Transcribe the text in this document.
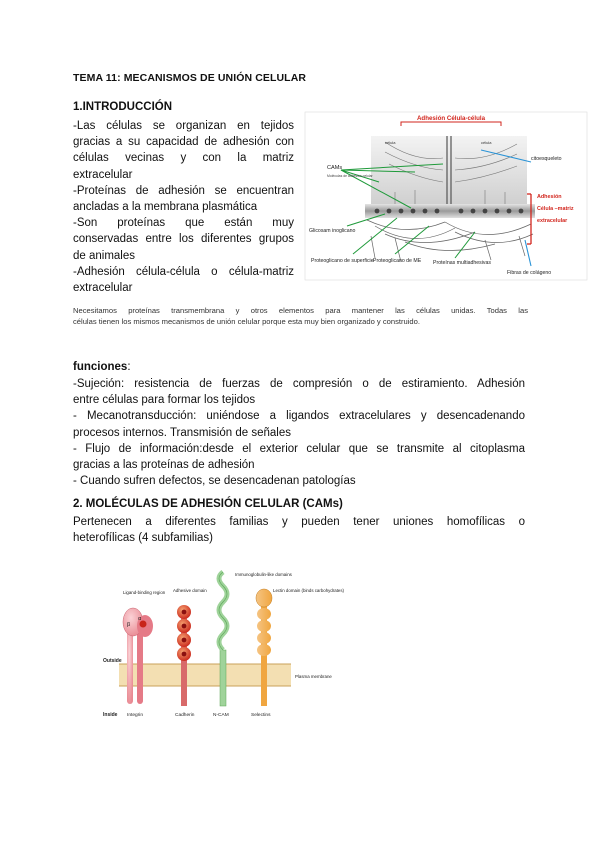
TEMA 11: MECANISMOS DE UNIÓN CELULAR
1.INTRODUCCIÓN
-Las células se organizan en tejidos
gracias a su capacidad de adhesión con
células vecinas y con la matriz
extracelular
-Proteínas de adhesión se encuentran
ancladas a la membrana plasmática
-Son proteínas que están muy
conservadas entre los diferentes grupos
de animales
-Adhesión célula-célula o célula-matriz
extracelular
Adhesión Célula-célula
célula	célula
CAMs
Moléculas de adhesión celular
citoesqueleto
Glicosam inoglicano
Proteoglicano de superficie Proteoglicano de ME Proteínas multiadhesivas
Fibras de colágeno
Adhesión
Célula –matriz
extracelular
Necesitamos proteínas transmembrana y otros elementos para mantener las células unidas. Todas las
células tienen los mismos mecanismos de unión celular porque esta muy bien organizado y construido.
funciones:
-Sujeción: resistencia de fuerzas de compresión o de estiramiento. Adhesión
entre células para formar los tejidos
- Mecanotransducción: uniéndose a ligandos extracelulares y desencadenando
procesos internos. Transmisión de señales
- Flujo de información:desde el exterior celular que se transmite al citoplasma
gracias a las proteínas de adhesión
- Cuando sufren defectos, se desencadenan patologías
2. MOLÉCULAS DE ADHESIÓN CELULAR (CAMs)
Pertenecen a diferentes familias y pueden tener uniones homofílicas o
heterofílicas (4 subfamilias)
β
α
Ligand-binding region Adhesive domain
Immunoglobulin-like domains
Lectin domain (binds carbohydrates)
Outside
Inside
Plasma membrane
Integrin	Cadherin	N-CAM	Selectins
